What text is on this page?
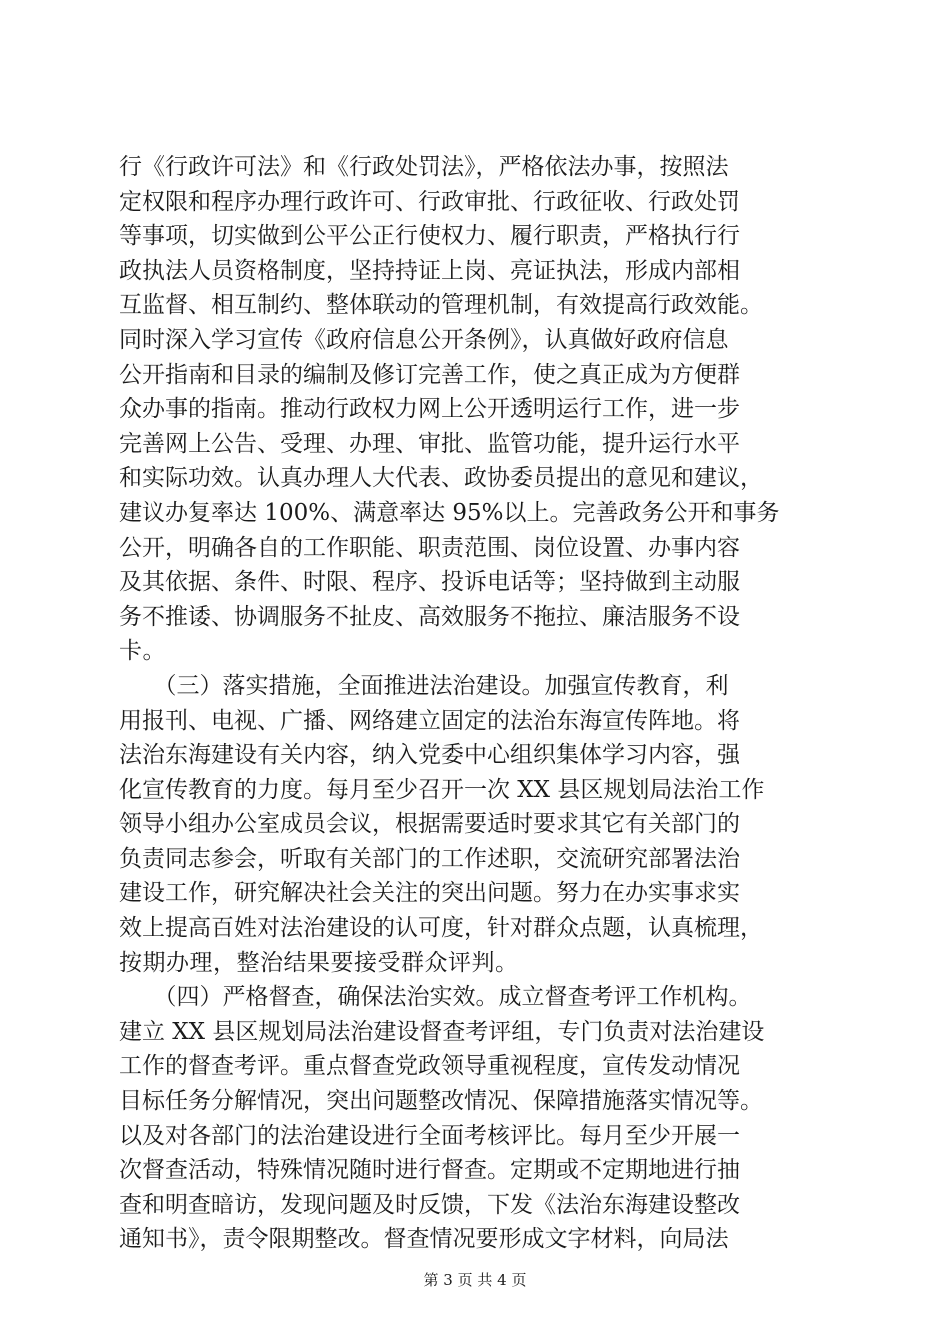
行《行政许可法》和《行政处罚法》，严格依法办事，按照法
定权限和程序办理行政许可、行政审批、行政征收、行政处罚
等事项，切实做到公平公正行使权力、履行职责，严格执行行
政执法人员资格制度，坚持持证上岗、亮证执法，形成内部相
互监督、相互制约、整体联动的管理机制，有效提高行政效能。
同时深入学习宣传《政府信息公开条例》，认真做好政府信息
公开指南和目录的编制及修订完善工作，使之真正成为方便群
众办事的指南。推动行政权力网上公开透明运行工作，进一步
完善网上公告、受理、办理、审批、监管功能，提升运行水平
和实际功效。认真办理人大代表、政协委员提出的意见和建议，
建议办复率达 100%、满意率达 95%以上。完善政务公开和事务
公开，明确各自的工作职能、职责范围、岗位设置、办事内容
及其依据、条件、时限、程序、投诉电话等；坚持做到主动服
务不推诿、协调服务不扯皮、高效服务不拖拉、廉洁服务不设
卡。
　　（三）落实措施，全面推进法治建设。加强宣传教育，利
用报刊、电视、广播、网络建立固定的法治东海宣传阵地。将
法治东海建设有关内容，纳入党委中心组织集体学习内容，强
化宣传教育的力度。每月至少召开一次 XX 县区规划局法治工作
领导小组办公室成员会议，根据需要适时要求其它有关部门的
负责同志参会，听取有关部门的工作述职，交流研究部署法治
建设工作，研究解决社会关注的突出问题。努力在办实事求实
效上提高百姓对法治建设的认可度，针对群众点题，认真梳理，
按期办理，整治结果要接受群众评判。
　　（四）严格督查，确保法治实效。成立督查考评工作机构。
建立 XX 县区规划局法治建设督查考评组，专门负责对法治建设
工作的督查考评。重点督查党政领导重视程度，宣传发动情况
目标任务分解情况，突出问题整改情况、保障措施落实情况等。
以及对各部门的法治建设进行全面考核评比。每月至少开展一
次督查活动，特殊情况随时进行督查。定期或不定期地进行抽
查和明查暗访，发现问题及时反馈，下发《法治东海建设整改
通知书》，责令限期整改。督查情况要形成文字材料，向局法
第 3 页 共 4 页
